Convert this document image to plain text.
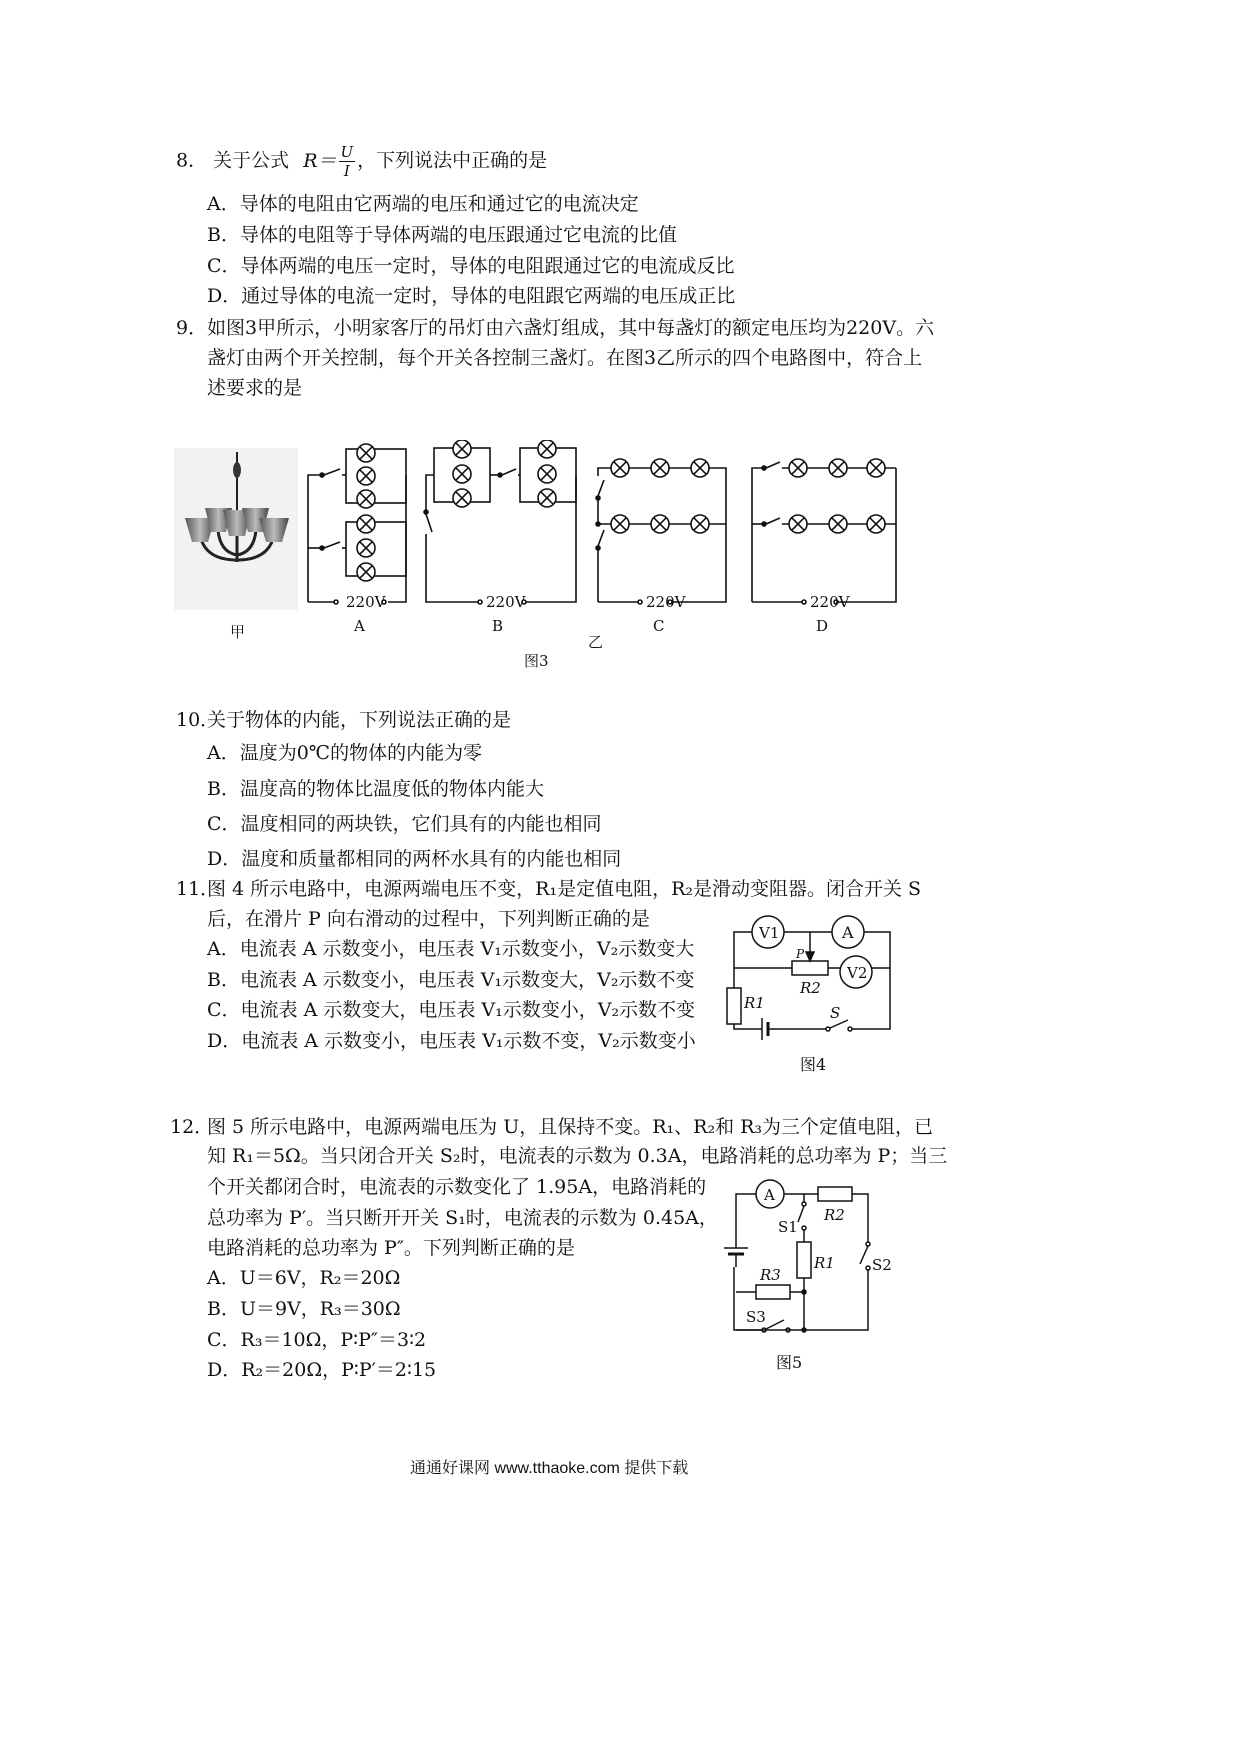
8． 关于公式 $R= \frac{U}{I}$ ，下列说法中正确的是
A．导体的电阻由它两端的电压和通过它的电流决定
B．导体的电阻等于导体两端的电压跟通过它电流的比值
C．导体两端的电压一定时，导体的电阻跟通过它的电流成反比
D．通过导体的电流一定时，导体的电阻跟它两端的电压成正比
9． 如图3甲所示，小明家客厅的吊灯由六盏灯组成，其中每盏灯的额定电压均为220V。六
盏灯由两个开关控制，每个开关各控制三盏灯。在图3乙所示的四个电路图中，符合上
述要求的是
220V	220V	220V	220V
A	B	C	D
甲
乙
图3
10．
关于物体的内能，下列说法正确的是
A．温度为0℃的物体的内能为零
B．温度高的物体比温度低的物体内能大
C．温度相同的两块铁，它们具有的内能也相同
D．温度和质量都相同的两杯水具有的内能也相同
11．
图 4 所示电路中，电源两端电压不变，R₁是定值电阻，R₂是滑动变阻器。闭合开关 S
后，在滑片 P 向右滑动的过程中，下列判断正确的是
A．电流表 A 示数变小，电压表 V₁示数变小，V₂示数变大
B．电流表 A 示数变小，电压表 V₁示数变大，V₂示数不变
C．电流表 A 示数变大，电压表 V₁示数变小，V₂示数不变
D．电流表 A 示数变小，电压表 V₁示数不变，V₂示数变小
V1	A
P
R2
V2
R1
S
图4
12．
图 5 所示电路中，电源两端电压为 U，且保持不变。R₁、R₂和 R₃为三个定值电阻，已
知 R₁＝5Ω。当只闭合开关 S₂时，电流表的示数为 0.3A，电路消耗的总功率为 P；当三
个开关都闭合时，电流表的示数变化了 1.95A，电路消耗的
总功率为 P′。当只断开开关 S₁时，电流表的示数为 0.45A，
电路消耗的总功率为 P″。下列判断正确的是
A．U＝6V，R₂＝20Ω
B．U＝9V，R₃＝30Ω
C．R₃＝10Ω，P∶P″＝3∶2
D．R₂＝20Ω，P∶P′＝2∶15
A
R2
S1
R1 S2
R3
S3
图5
通通好课网 www.tthaoke.com 提供下载
